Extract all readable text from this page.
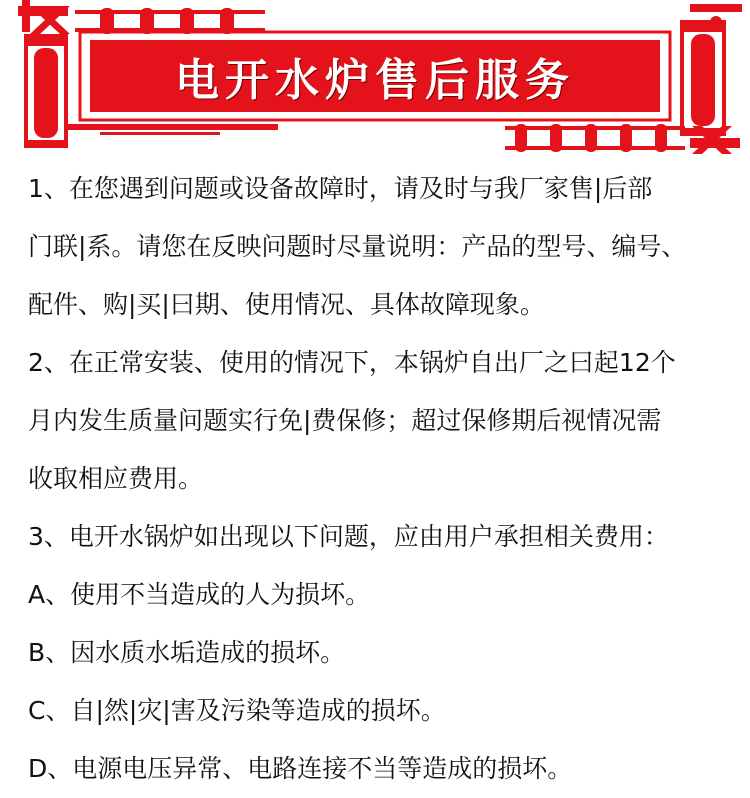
电开水炉售后服务
1、在您遇到问题或设备故障时，请及时与我厂家售|后部
门联|系。请您在反映问题时尽量说明：产品的型号、编号、
配件、购|买|曰期、使用情况、具体故障现象。
2、在正常安装、使用的情况下，本锅炉自出厂之曰起12个
月内发生质量问题实行免|费保修；超过保修期后视情况需
收取相应费用。
3、电开水锅炉如出现以下问题，应由用户承担相关费用：
A、使用不当造成的人为损坏。
B、因水质水垢造成的损坏。
C、自|然|灾|害及污染等造成的损坏。
D、电源电压异常、电路连接不当等造成的损坏。
